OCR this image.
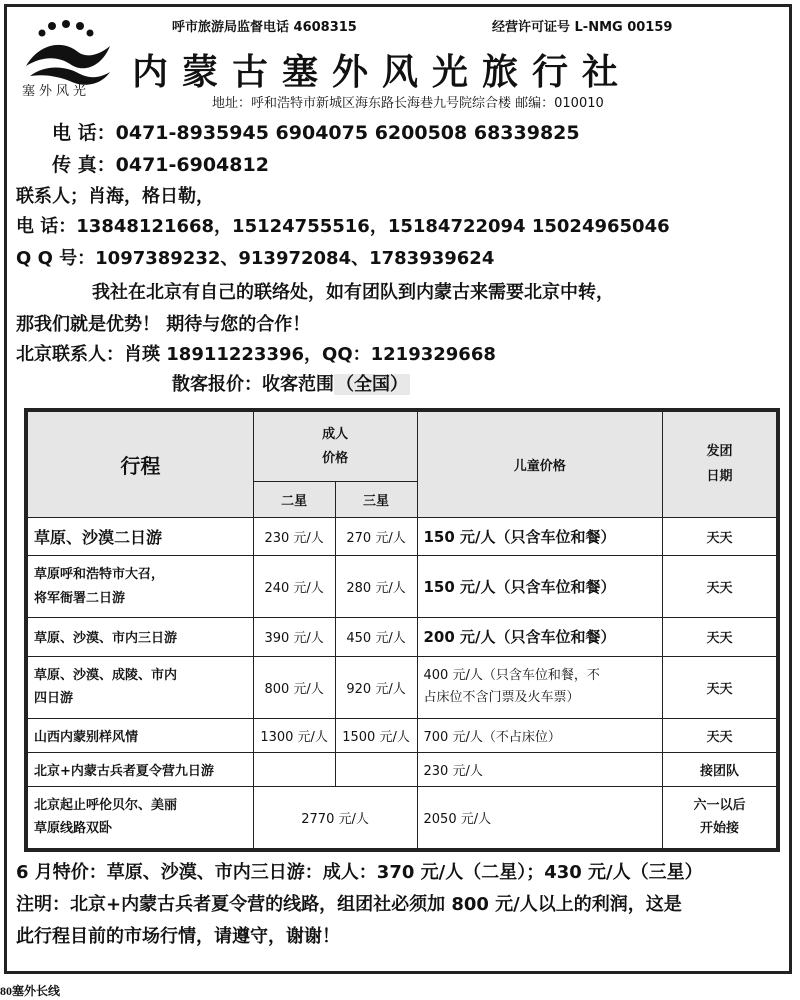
塞外风光
呼市旅游局监督电话 4608315	经营许可证号 L-NMG 00159
内蒙古塞外风光旅行社
地址：呼和浩特市新城区海东路长海巷九号院综合楼 邮编：010010
电 话：0471-8935945 6904075 6200508 68339825
传 真：0471-6904812
联系人；肖海，格日勒，
电 话：13848121668，15124755516，15184722094 15024965046
Q Q 号：1097389232、913972084、1783939624
我社在北京有自己的联络处，如有团队到内蒙古来需要北京中转，
那我们就是优势！ 期待与您的合作！
北京联系人：肖瑛 18911223396，QQ：1219329668
散客报价：收客范围 （全国）
行程	成人
价格		儿童价格	发团
日期
	二星	三星		
草原、沙漠二日游	230 元/人	270 元/人	150 元/人（只含车位和餐）	天天
草原呼和浩特市大召，
将军衙署二日游	240 元/人	280 元/人	150 元/人（只含车位和餐）	天天
草原、沙漠、市内三日游	390 元/人	450 元/人	200 元/人（只含车位和餐）	天天
草原、沙漠、成陵、市内
四日游	800 元/人	920 元/人	400 元/人（只含车位和餐，不
占床位不含门票及火车票）	天天
山西内蒙别样风情	1300 元/人	1500 元/人	700 元/人（不占床位）	天天
北京+内蒙古兵者夏令营九日游			230 元/人	接团队
北京起止呼伦贝尔、美丽
草原线路双卧	2770 元/人		2050 元/人	六一以后
开始接
6 月特价：草原、沙漠、市内三日游：成人：370 元/人（二星）；430 元/人（三星）
注明：北京+内蒙古兵者夏令营的线路，组团社必须加 800 元/人以上的利润，这是
此行程目前的市场行情，请遵守，谢谢！
80塞外长线
